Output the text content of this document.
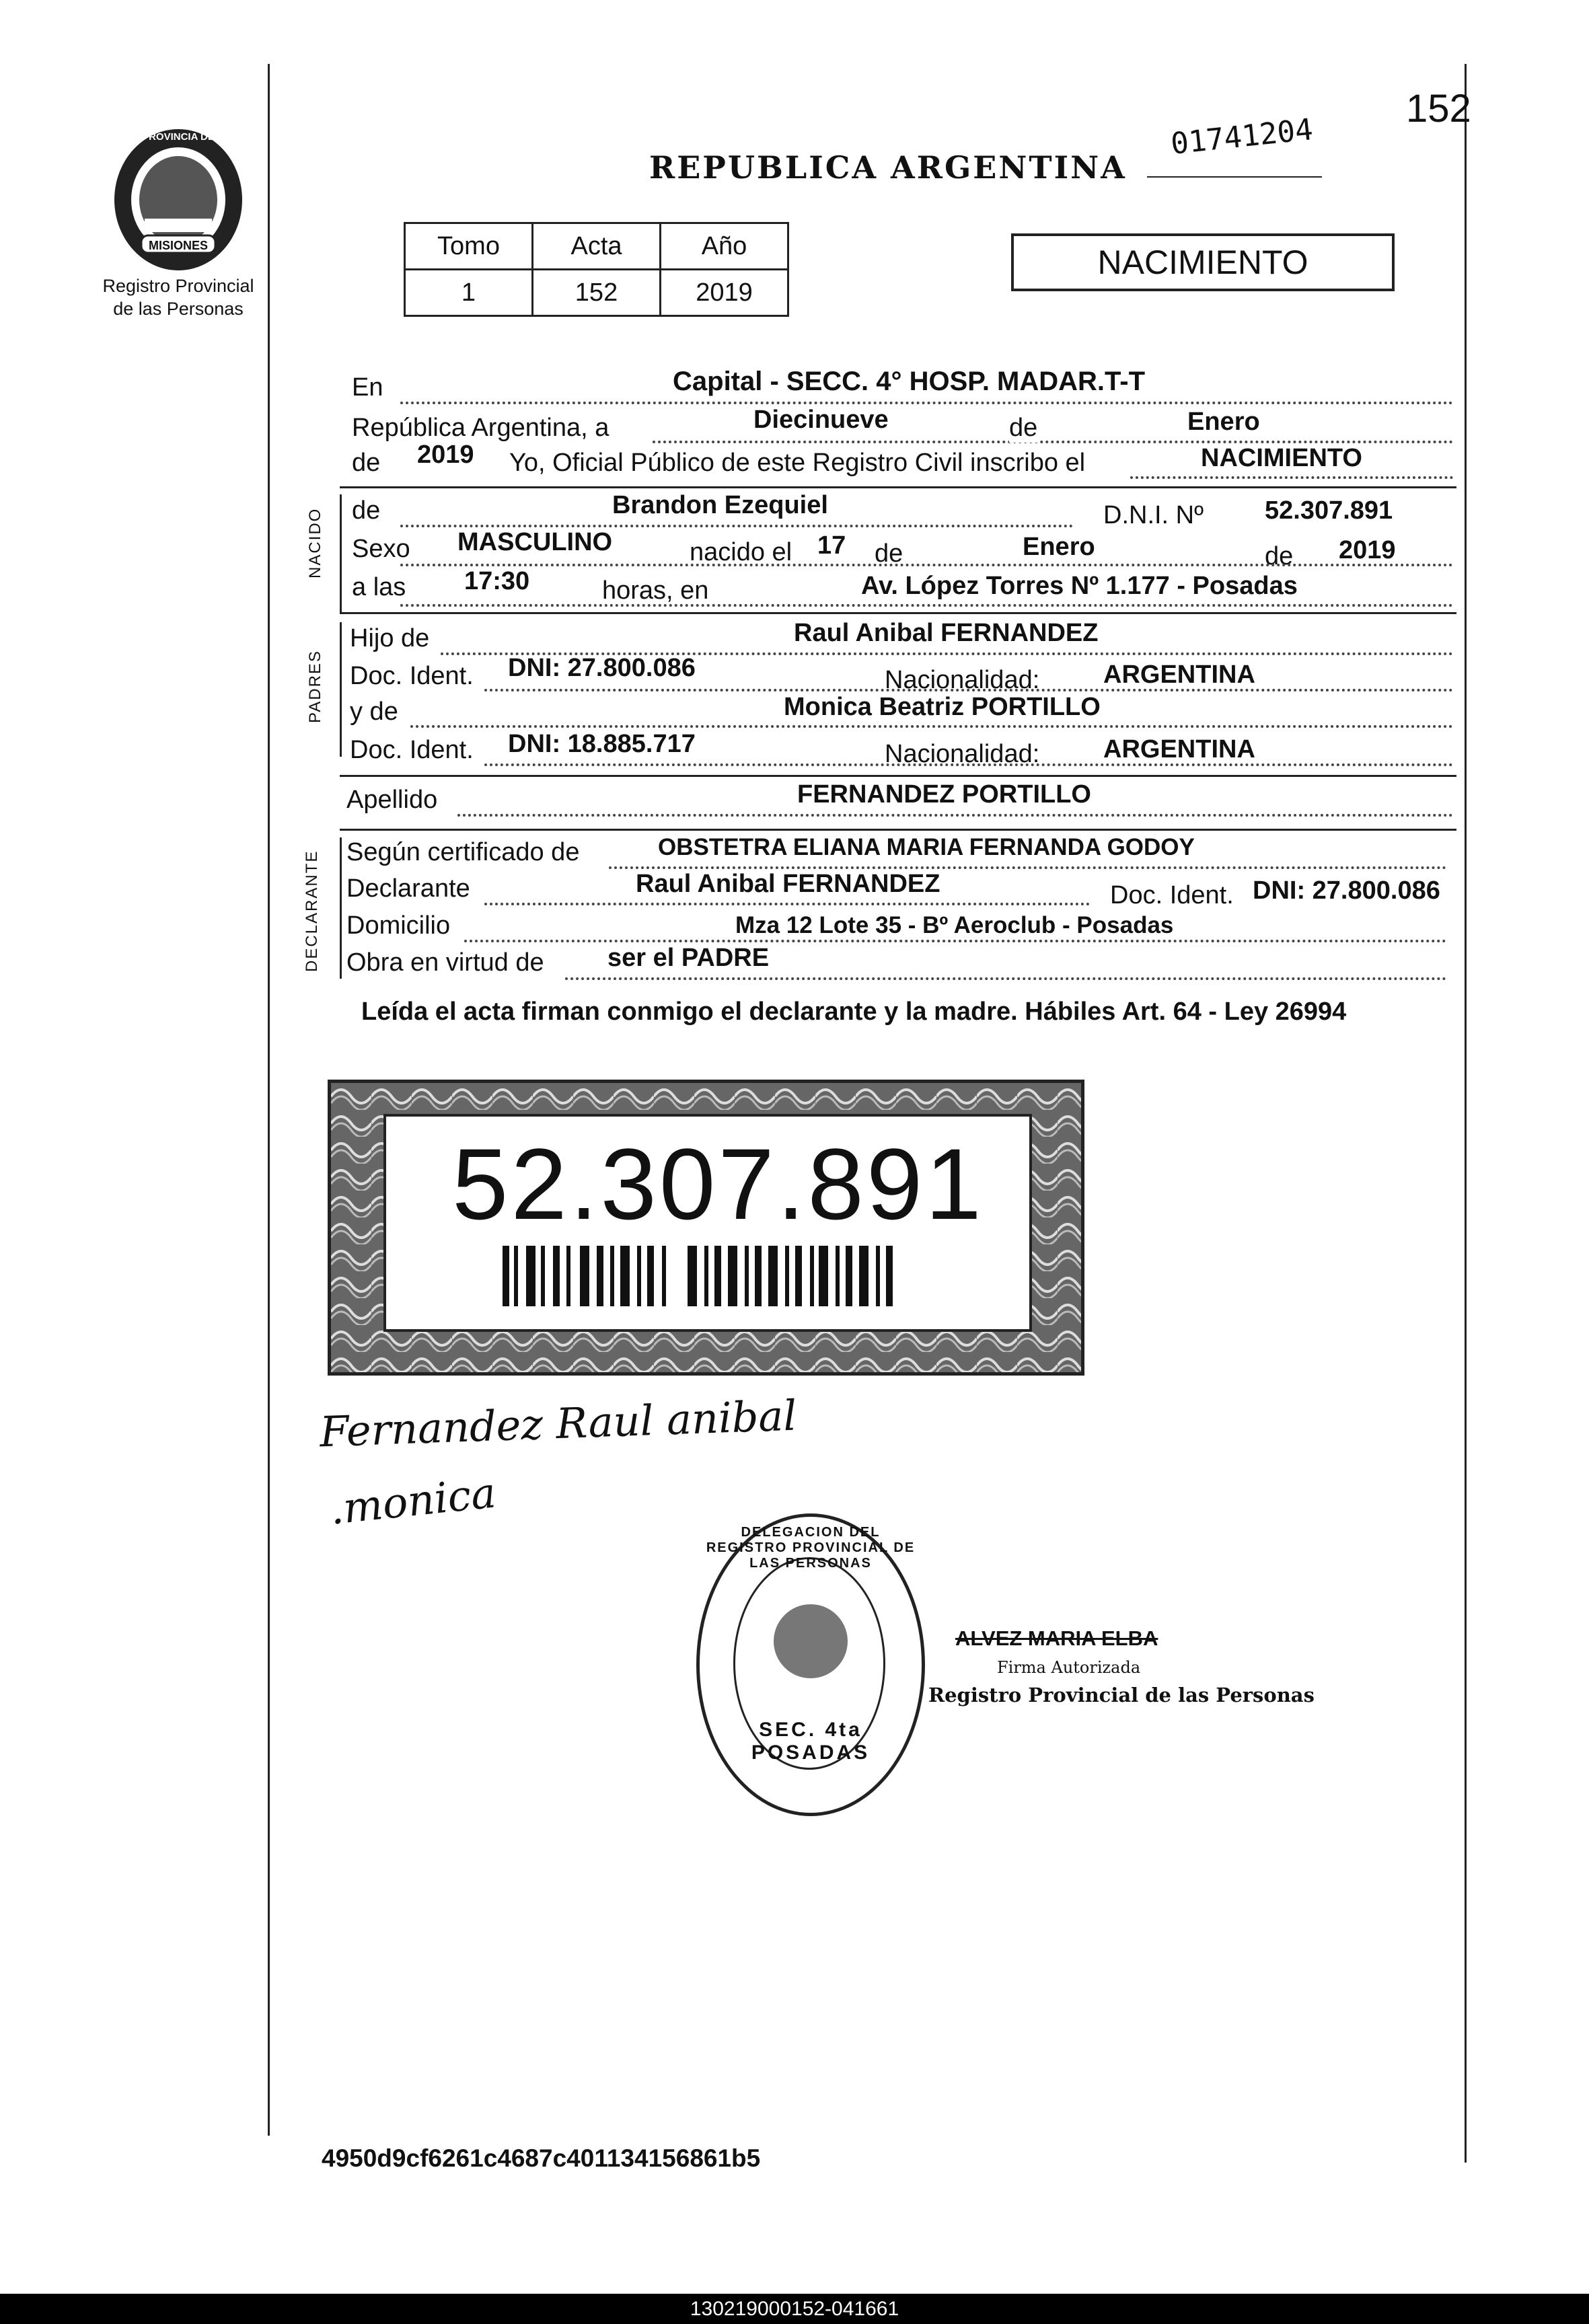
152
01741204
PROVINCIA DE
MISIONES
Registro Provincial
de las Personas
REPUBLICA ARGENTINA
Tomo	Acta	Año
1	152	2019
NACIMIENTO
NACIDO
PADRES
DECLARANTE
En	Capital - SECC. 4° HOSP. MADAR.T-T
República Argentina, a	Diecinueve	de	Enero
de 2019 Yo, Oficial Público de este Registro Civil inscribo el	NACIMIENTO
de	Brandon Ezequiel	D.N.I. Nº 52.307.891
Sexo MASCULINO	nacido el 17 de	Enero	de 2019
a las 17:30	horas, en	Av. López Torres Nº 1.177 - Posadas
Hijo de	Raul Anibal FERNANDEZ
Doc. Ident. DNI: 27.800.086	Nacionalidad: ARGENTINA
y de	Monica Beatriz PORTILLO
Doc. Ident. DNI: 18.885.717	Nacionalidad: ARGENTINA
Apellido	FERNANDEZ PORTILLO
Según certificado de	OBSTETRA ELIANA MARIA FERNANDA GODOY
Declarante	Raul Anibal FERNANDEZ	Doc. Ident. DNI: 27.800.086
Domicilio	Mza 12 Lote 35 - Bº Aeroclub - Posadas
Obra en virtud de ser el PADRE
Leída el acta firman conmigo el declarante y la madre. Hábiles Art. 64 - Ley 26994
52.307.891
Fernandez Raul anibal
.monica	DELEGACION DEL REGISTRO PROVINCIAL DE LAS PERSONAS
SEC. 4ta POSADAS
ALVEZ MARIA ELBA
Firma Autorizada
Registro Provincial de las Personas
4950d9cf6261c4687c401134156861b5
130219000152-041661
